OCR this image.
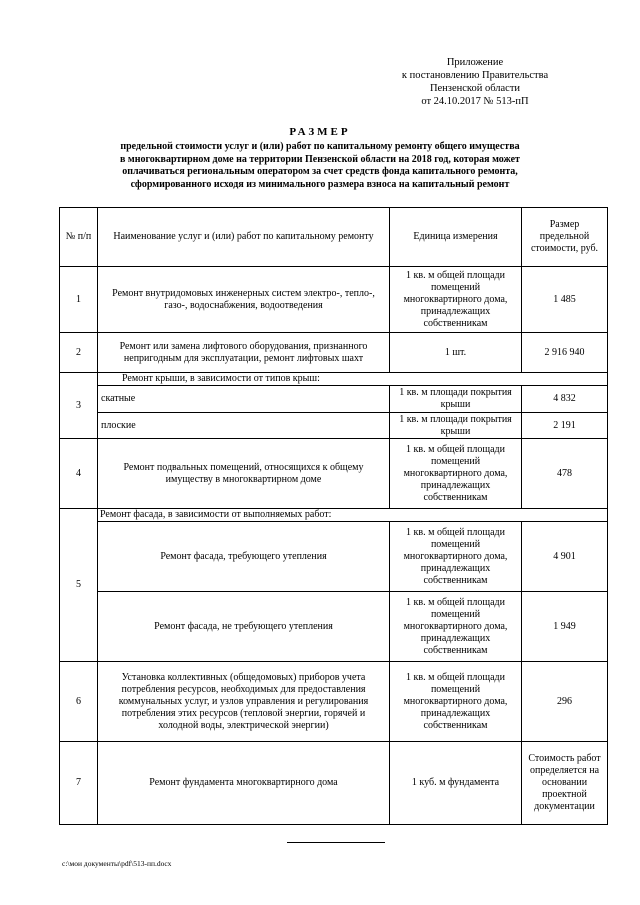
Приложение
к постановлению Правительства
Пензенской области
от 24.10.2017 № 513-пП
РАЗМЕР
предельной стоимости услуг и (или) работ по капитальному ремонту общего имущества
в многоквартирном доме на территории Пензенской области на 2018 год, которая может
оплачиваться региональным оператором за счет средств фонда капитального ремонта,
сформированного исходя из минимального размера взноса на капитальный ремонт
№ п/п	Наименование услуг и (или) работ по капитальному ремонту	Единица измерения	Размер предельной стоимости, руб.
1	Ремонт внутридомовых инженерных систем электро-, тепло-, газо-, водоснабжения, водоотведения	1 кв. м общей площади помещений многоквартирного дома, принадлежащих собственникам	1 485
2	Ремонт или замена лифтового оборудования, признанного непригодным для эксплуатации, ремонт лифтовых шахт	1 шт.	2 916 940
3	Ремонт крыши, в зависимости от типов крыш:		
	скатные	1 кв. м площади покрытия крыши	4 832
	плоские	1 кв. м площади покрытия крыши	2 191
4	Ремонт подвальных помещений, относящихся к общему имуществу в многоквартирном доме	1 кв. м общей площади помещений многоквартирного дома, принадлежащих собственникам	478
5	Ремонт фасада, в зависимости от выполняемых работ:		
	Ремонт фасада, требующего утепления	1 кв. м общей площади помещений многоквартирного дома, принадлежащих собственникам	4 901
	Ремонт фасада, не требующего утепления	1 кв. м общей площади помещений многоквартирного дома, принадлежащих собственникам	1 949
6	Установка коллективных (общедомовых) приборов учета потребления ресурсов, необходимых для предоставления коммунальных услуг, и узлов управления и регулирования потребления этих ресурсов (тепловой энергии, горячей и холодной воды, электрической энергии)	1 кв. м общей площади помещений многоквартирного дома, принадлежащих собственникам	296
7	Ремонт фундамента многоквартирного дома	1 куб. м фундамента	Стоимость работ определяется на основании проектной документации
c:\мои документы\pdf\513-пп.docx
